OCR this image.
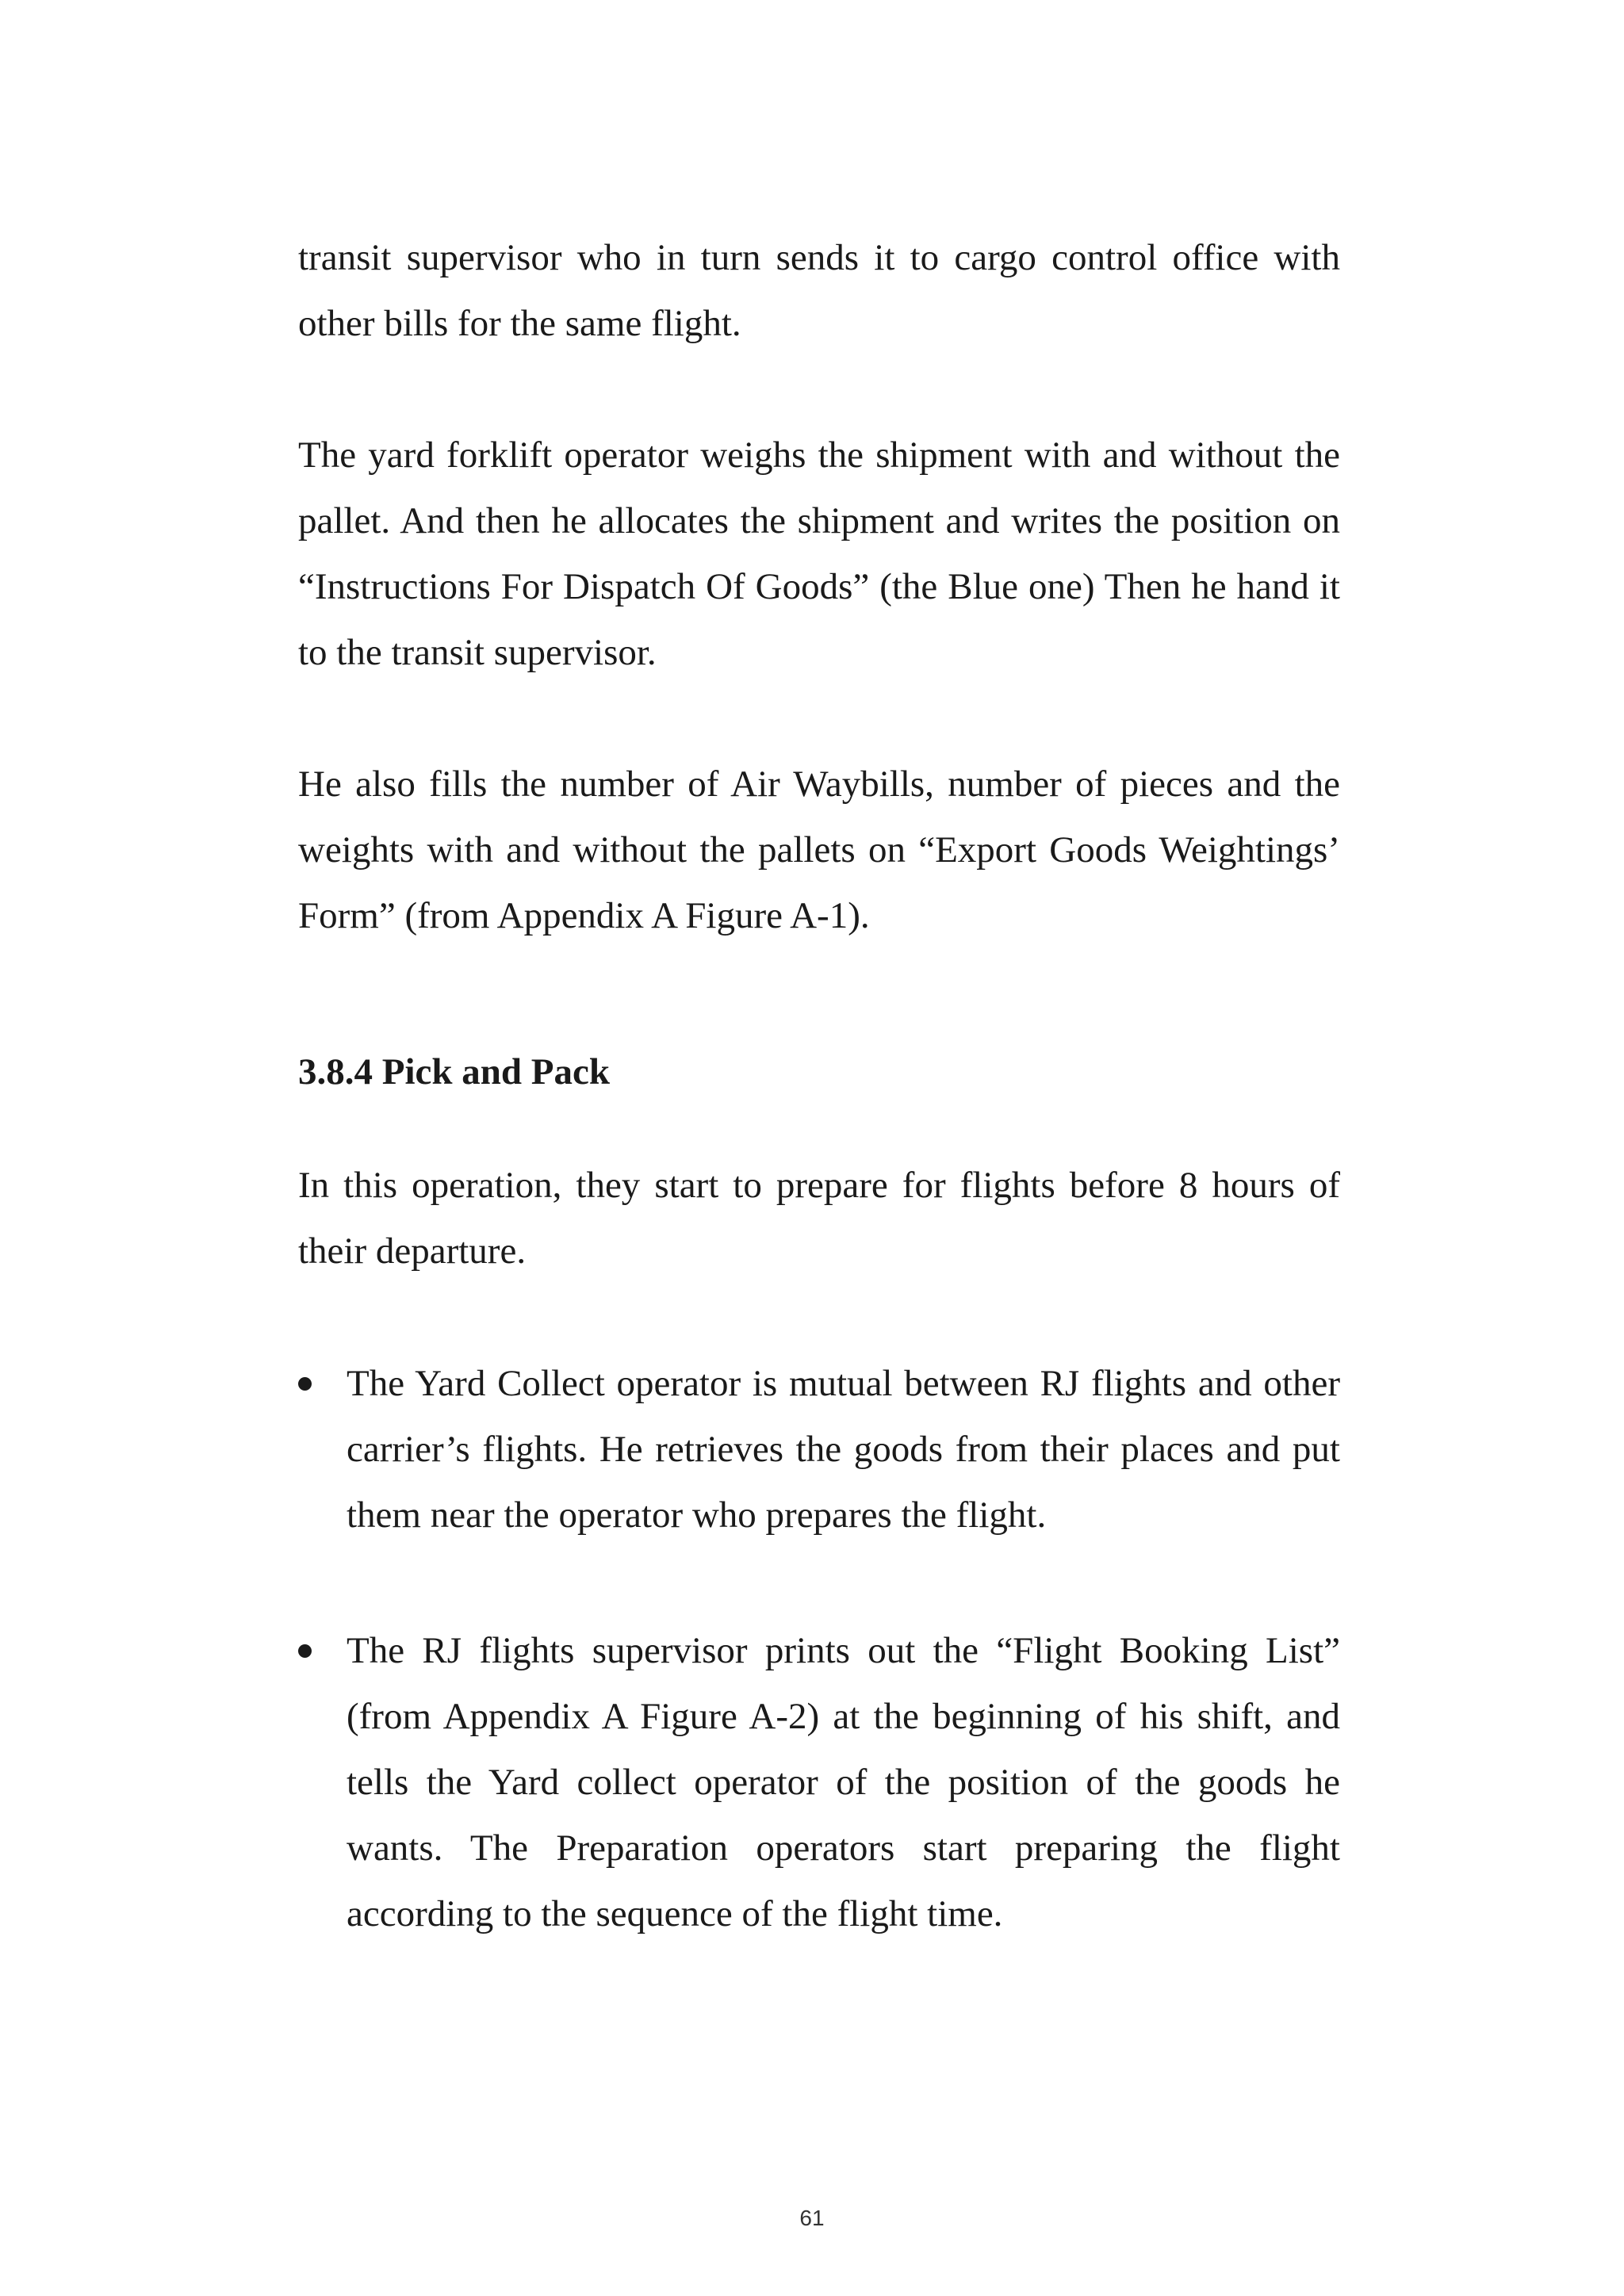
transit supervisor who in turn sends it to cargo control office with other bills for the same flight.

The yard forklift operator weighs the shipment with and without the pallet. And then he allocates the shipment and writes the position on “Instructions For Dispatch Of Goods” (the Blue one) Then he hand it to the transit supervisor.

He also fills the number of Air Waybills, number of pieces and the weights with and without the pallets on “Export Goods Weightings’ Form” (from Appendix A Figure A-1).

3.8.4 Pick and Pack

In this operation, they start to prepare for flights before 8 hours of their departure.

The Yard Collect operator is mutual between RJ flights and other carrier’s flights. He retrieves the goods from their places and put them near the operator who prepares the flight.

The RJ flights supervisor prints out the “Flight Booking List” (from Appendix A Figure A-2) at the beginning of his shift, and tells the Yard collect operator of the position of the goods he wants. The Preparation operators start preparing the flight according to the sequence of the flight time.

61
